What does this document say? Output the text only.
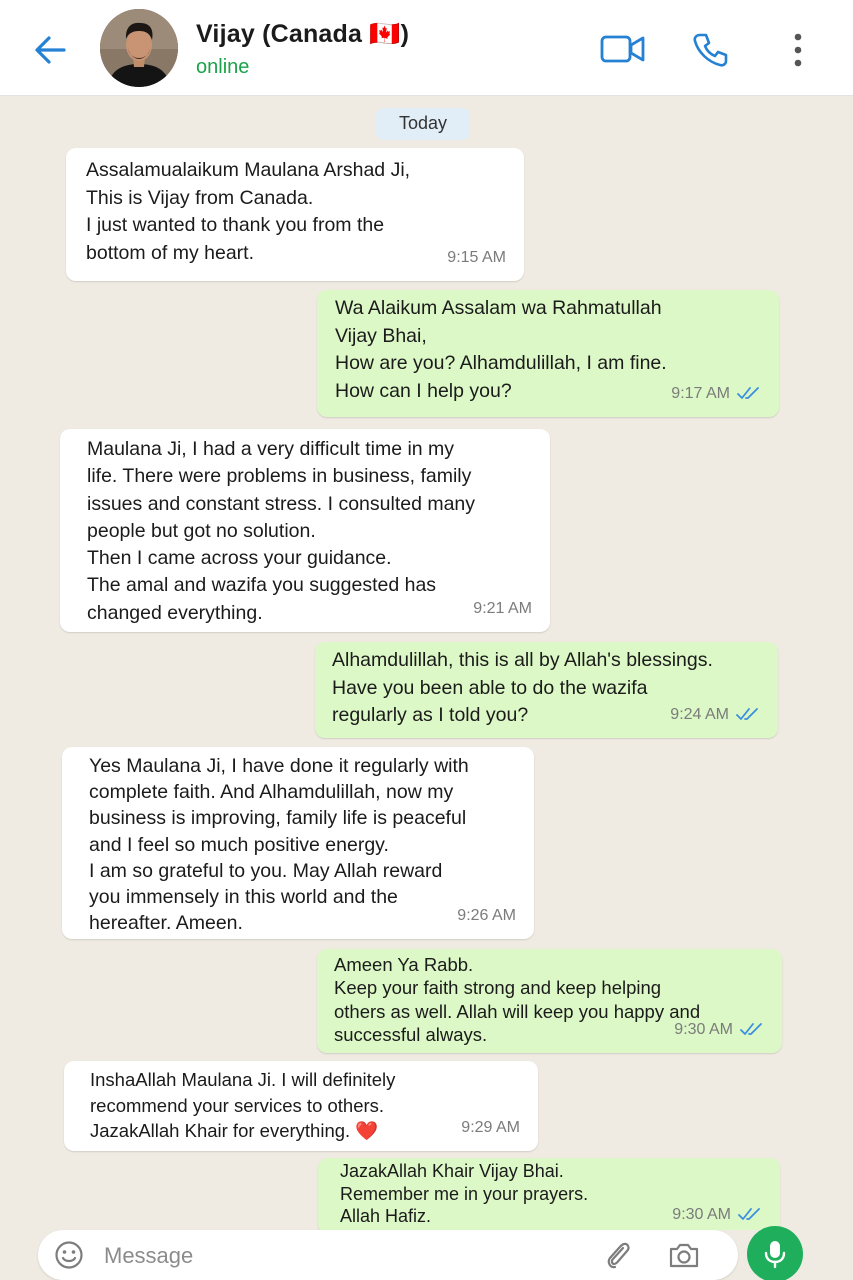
Vijay (Canada 🇨🇦)
online
Today
Assalamualaikum Maulana Arshad Ji,
This is Vijay from Canada.
I just wanted to thank you from the
bottom of my heart.	9:15 AM
Wa Alaikum Assalam wa Rahmatullah
Vijay Bhai,
How are you? Alhamdulillah, I am fine.
How can I help you?	9:17 AM
Maulana Ji, I had a very difficult time in my
life. There were problems in business, family
issues and constant stress. I consulted many
people but got no solution.
Then I came across your guidance.
The amal and wazifa you suggested has
changed everything.	9:21 AM
Alhamdulillah, this is all by Allah's blessings.
Have you been able to do the wazifa
regularly as I told you?	9:24 AM
Yes Maulana Ji, I have done it regularly with
complete faith. And Alhamdulillah, now my
business is improving, family life is peaceful
and I feel so much positive energy.
I am so grateful to you. May Allah reward
you immensely in this world and the
hereafter. Ameen.	9:26 AM
Ameen Ya Rabb.
Keep your faith strong and keep helping
others as well. Allah will keep you happy and
successful always.	9:30 AM
InshaAllah Maulana Ji. I will definitely
recommend your services to others.
JazakAllah Khair for everything. ❤️	9:29 AM
JazakAllah Khair Vijay Bhai.
Remember me in your prayers.
Allah Hafiz.	9:30 AM
Message
